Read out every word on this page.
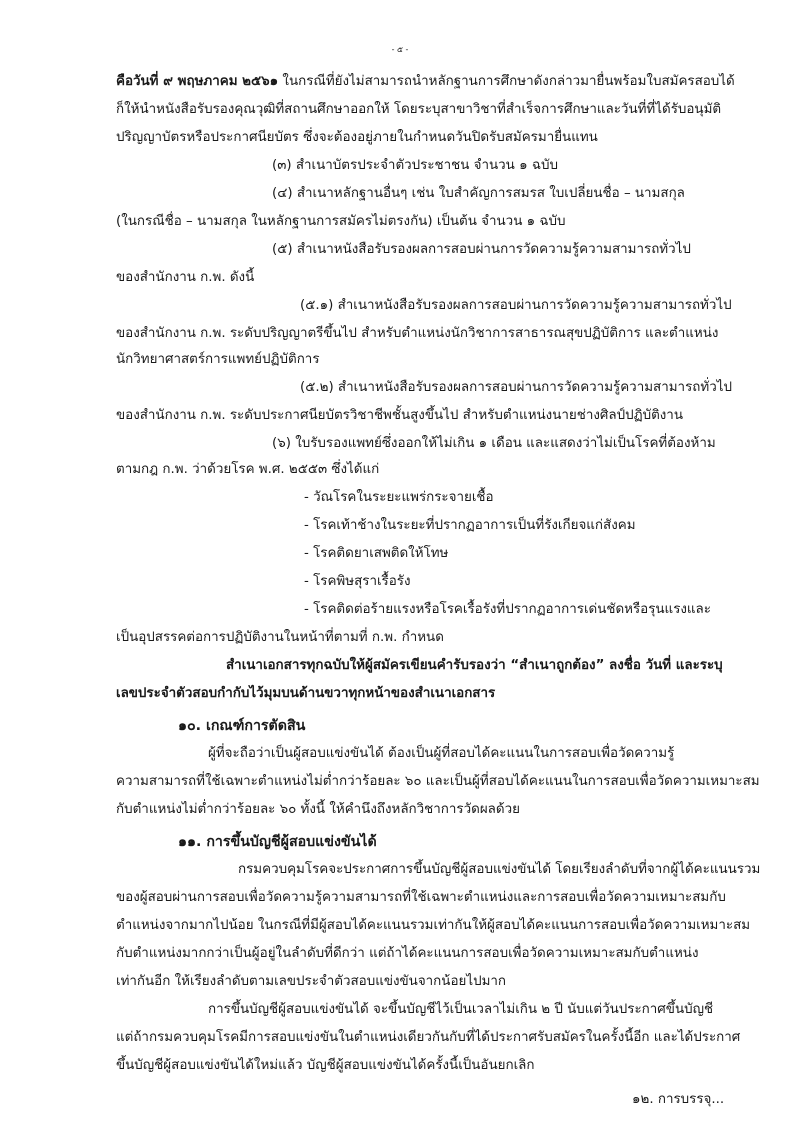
- ๕ -
คือวันที่ ๙ พฤษภาคม ๒๕๖๑ ในกรณีที่ยังไม่สามารถนำหลักฐานการศึกษาดังกล่าวมายื่นพร้อมใบสมัครสอบได้
ก็ให้นำหนังสือรับรองคุณวุฒิที่สถานศึกษาออกให้ โดยระบุสาขาวิชาที่สำเร็จการศึกษาและวันที่ที่ได้รับอนุมัติ
ปริญญาบัตรหรือประกาศนียบัตร ซึ่งจะต้องอยู่ภายในกำหนดวันปิดรับสมัครมายื่นแทน
(๓) สำเนาบัตรประจำตัวประชาชน จำนวน ๑ ฉบับ
(๔) สำเนาหลักฐานอื่นๆ เช่น ใบสำคัญการสมรส ใบเปลี่ยนชื่อ – นามสกุล
(ในกรณีชื่อ – นามสกุล ในหลักฐานการสมัครไม่ตรงกัน) เป็นต้น จำนวน ๑ ฉบับ
(๕) สำเนาหนังสือรับรองผลการสอบผ่านการวัดความรู้ความสามารถทั่วไป
ของสำนักงาน ก.พ. ดังนี้
(๕.๑) สำเนาหนังสือรับรองผลการสอบผ่านการวัดความรู้ความสามารถทั่วไป
ของสำนักงาน ก.พ. ระดับปริญญาตรีขึ้นไป สำหรับตำแหน่งนักวิชาการสาธารณสุขปฏิบัติการ และตำแหน่ง
นักวิทยาศาสตร์การแพทย์ปฏิบัติการ
(๕.๒) สำเนาหนังสือรับรองผลการสอบผ่านการวัดความรู้ความสามารถทั่วไป
ของสำนักงาน ก.พ. ระดับประกาศนียบัตรวิชาชีพชั้นสูงขึ้นไป สำหรับตำแหน่งนายช่างศิลป์ปฏิบัติงาน
(๖) ใบรับรองแพทย์ซึ่งออกให้ไม่เกิน ๑ เดือน และแสดงว่าไม่เป็นโรคที่ต้องห้าม
ตามกฎ ก.พ. ว่าด้วยโรค พ.ศ. ๒๕๕๓ ซึ่งได้แก่
- วัณโรคในระยะแพร่กระจายเชื้อ
- โรคเท้าช้างในระยะที่ปรากฏอาการเป็นที่รังเกียจแก่สังคม
- โรคติดยาเสพติดให้โทษ
- โรคพิษสุราเรื้อรัง
- โรคติดต่อร้ายแรงหรือโรคเรื้อรังที่ปรากฏอาการเด่นชัดหรือรุนแรงและ
เป็นอุปสรรคต่อการปฏิบัติงานในหน้าที่ตามที่ ก.พ. กำหนด
สำเนาเอกสารทุกฉบับให้ผู้สมัครเขียนคำรับรองว่า “สำเนาถูกต้อง” ลงชื่อ วันที่ และระบุ
เลขประจำตัวสอบกำกับไว้มุมบนด้านขวาทุกหน้าของสำเนาเอกสาร
๑๐. เกณฑ์การตัดสิน
ผู้ที่จะถือว่าเป็นผู้สอบแข่งขันได้ ต้องเป็นผู้ที่สอบได้คะแนนในการสอบเพื่อวัดความรู้
ความสามารถที่ใช้เฉพาะตำแหน่งไม่ต่ำกว่าร้อยละ ๖๐ และเป็นผู้ที่สอบได้คะแนนในการสอบเพื่อวัดความเหมาะสม
กับตำแหน่งไม่ต่ำกว่าร้อยละ ๖๐ ทั้งนี้ ให้คำนึงถึงหลักวิชาการวัดผลด้วย
๑๑. การขึ้นบัญชีผู้สอบแข่งขันได้
กรมควบคุมโรคจะประกาศการขึ้นบัญชีผู้สอบแข่งขันได้ โดยเรียงลำดับที่จากผู้ได้คะแนนรวม
ของผู้สอบผ่านการสอบเพื่อวัดความรู้ความสามารถที่ใช้เฉพาะตำแหน่งและการสอบเพื่อวัดความเหมาะสมกับ
ตำแหน่งจากมากไปน้อย ในกรณีที่มีผู้สอบได้คะแนนรวมเท่ากันให้ผู้สอบได้คะแนนการสอบเพื่อวัดความเหมาะสม
กับตำแหน่งมากกว่าเป็นผู้อยู่ในลำดับที่ดีกว่า แต่ถ้าได้คะแนนการสอบเพื่อวัดความเหมาะสมกับตำแหน่ง
เท่ากันอีก ให้เรียงลำดับตามเลขประจำตัวสอบแข่งขันจากน้อยไปมาก
การขึ้นบัญชีผู้สอบแข่งขันได้ จะขึ้นบัญชีไว้เป็นเวลาไม่เกิน ๒ ปี นับแต่วันประกาศขึ้นบัญชี
แต่ถ้ากรมควบคุมโรคมีการสอบแข่งขันในตำแหน่งเดียวกันกับที่ได้ประกาศรับสมัครในครั้งนี้อีก และได้ประกาศ
ขึ้นบัญชีผู้สอบแข่งขันได้ใหม่แล้ว บัญชีผู้สอบแข่งขันได้ครั้งนี้เป็นอันยกเลิก
๑๒. การบรรจุ...
